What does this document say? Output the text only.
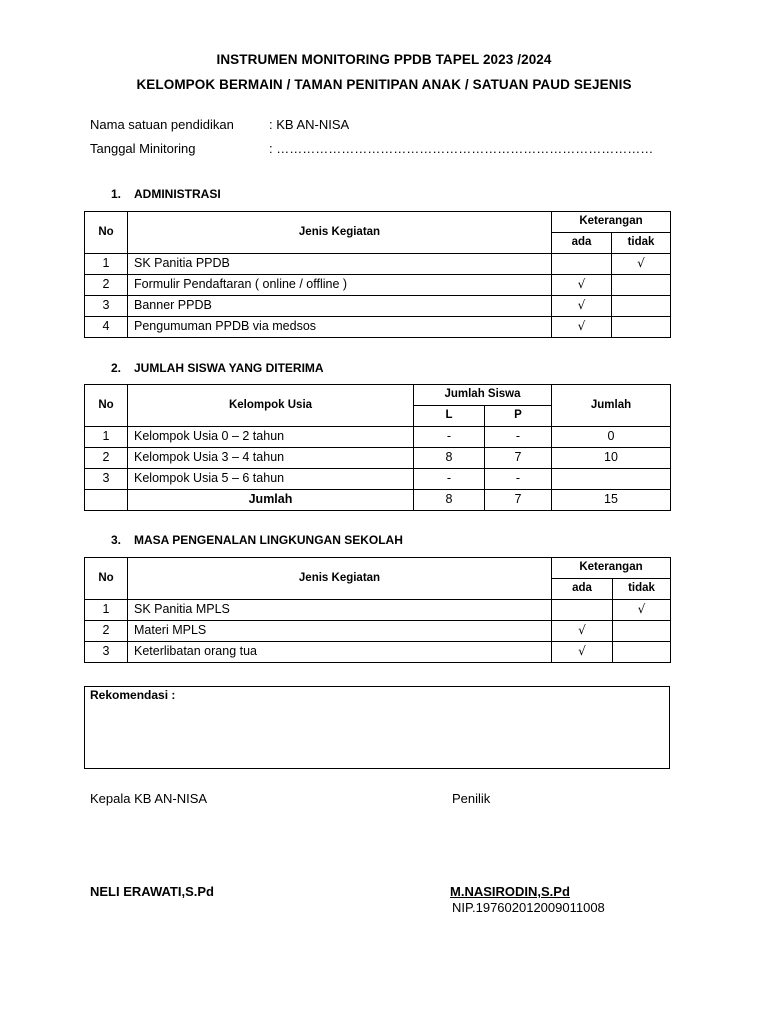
INSTRUMEN MONITORING PPDB TAPEL 2023 /2024
KELOMPOK BERMAIN / TAMAN PENITIPAN ANAK / SATUAN PAUD SEJENIS
Nama satuan pendidikan	: KB AN-NISA
Tanggal Minitoring	: ……………………………………………………………………………
1. ADMINISTRASI
No	Jenis Kegiatan	Keterangan	
		ada	tidak
1	SK Panitia PPDB		√
2	Formulir Pendaftaran ( online / offline )	√	
3	Banner PPDB	√	
4	Pengumuman PPDB via medsos	√	
2. JUMLAH SISWA YANG DITERIMA
No	Kelompok Usia	Jumlah Siswa		Jumlah
		L	P	
1	Kelompok Usia 0 – 2 tahun	-	-	0
2	Kelompok Usia 3 – 4 tahun	8	7	10
3	Kelompok Usia 5 – 6 tahun	-	-	
	Jumlah	8	7	15
3. MASA PENGENALAN LINGKUNGAN SEKOLAH
No	Jenis Kegiatan	Keterangan	
		ada	tidak
1	SK Panitia MPLS		√
2	Materi MPLS	√	
3	Keterlibatan orang tua	√	
Rekomendasi :
Kepala KB AN-NISA	Penilik
NELI ERAWATI,S.Pd	M.NASIRODIN,S.Pd
NIP.197602012009011008
